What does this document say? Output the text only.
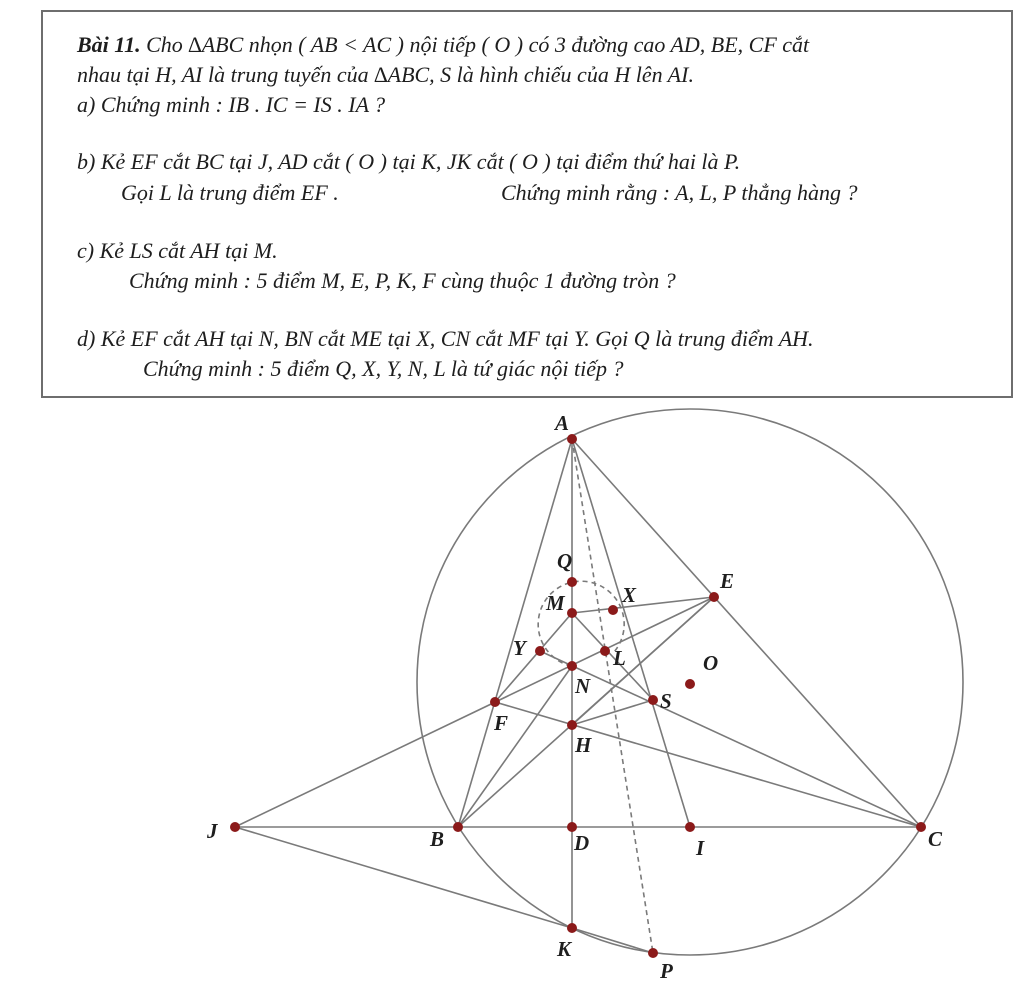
Bài 11. Cho ∆ABC nhọn ( AB < AC ) nội tiếp ( O ) có 3 đường cao AD, BE, CF cắt
nhau tại H, AI là trung tuyến của ∆ABC, S là hình chiếu của H lên AI.
a) Chứng minh : IB . IC = IS . IA ?
b) Kẻ EF cắt BC tại J, AD cắt ( O ) tại K, JK cắt ( O ) tại điểm thứ hai là P.
Gọi L là trung điểm EF .	Chứng minh rằng : A, L, P thẳng hàng ?
c) Kẻ LS cắt AH tại M.
Chứng minh : 5 điểm M, E, P, K, F cùng thuộc 1 đường tròn ?
d) Kẻ EF cắt AH tại N, BN cắt ME tại X, CN cắt MF tại Y. Gọi Q là trung điểm AH.
Chứng minh : 5 điểm Q, X, Y, N, L là tứ giác nội tiếp ?
A
B	C
D
E
F
H
I
J
K
L
M
N
O
P
Q
S
X
Y
